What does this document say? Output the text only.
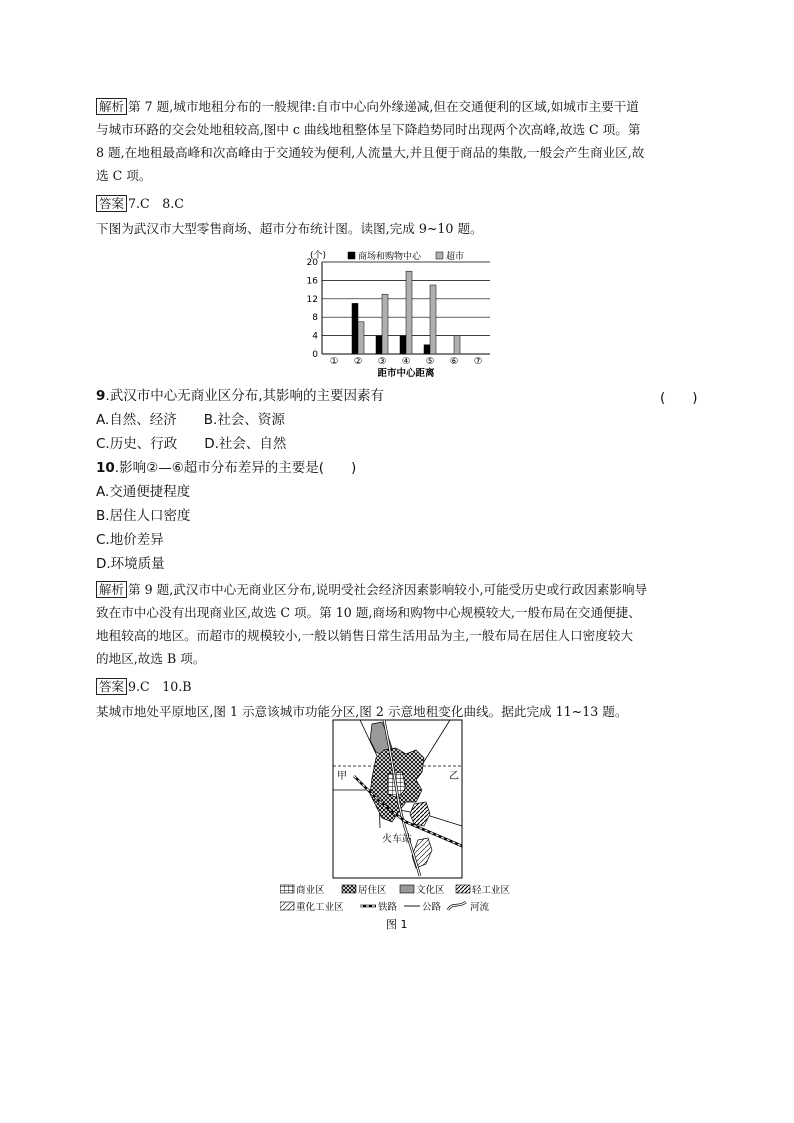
解析 第 7 题,城市地租分布的一般规律:自市中心向外缘递减,但在交通便利的区域,如城市主要干道
与城市环路的交会处地租较高,图中 c 曲线地租整体呈下降趋势同时出现两个次高峰,故选 C 项。第
8 题,在地租最高峰和次高峰由于交通较为便利,人流量大,并且便于商品的集散,一般会产生商业区,故
选 C 项。
答案 7.C　8.C
下图为武汉市大型零售商场、超市分布统计图。读图,完成 9~10 题。
0
4
8
12
16
20
(个)	商场和购物中心	超市
① ② ③ ④ ⑤ ⑥ ⑦
距市中心距离
9.武汉市中心无商业区分布,其影响的主要因素有	(　　)
A.自然、经济　　B.社会、资源
C.历史、行政　　D.社会、自然
10.影响②—⑥超市分布差异的主要是(　　)
A.交通便捷程度
B.居住人口密度
C.地价差异
D.环境质量
解析 第 9 题,武汉市中心无商业区分布,说明受社会经济因素影响较小,可能受历史或行政因素影响导
致在市中心没有出现商业区,故选 C 项。第 10 题,商场和购物中心规模较大,一般布局在交通便捷、
地租较高的地区。而超市的规模较小,一般以销售日常生活用品为主,一般布局在居住人口密度较大
的地区,故选 B 项。
答案 9.C　10.B
某城市地处平原地区,图 1 示意该城市功能分区,图 2 示意地租变化曲线。据此完成 11~13 题。
甲	乙
火车站
商业区	居住区	文化区	轻工业区
重化工业区	铁路	公路	河流
图 1
